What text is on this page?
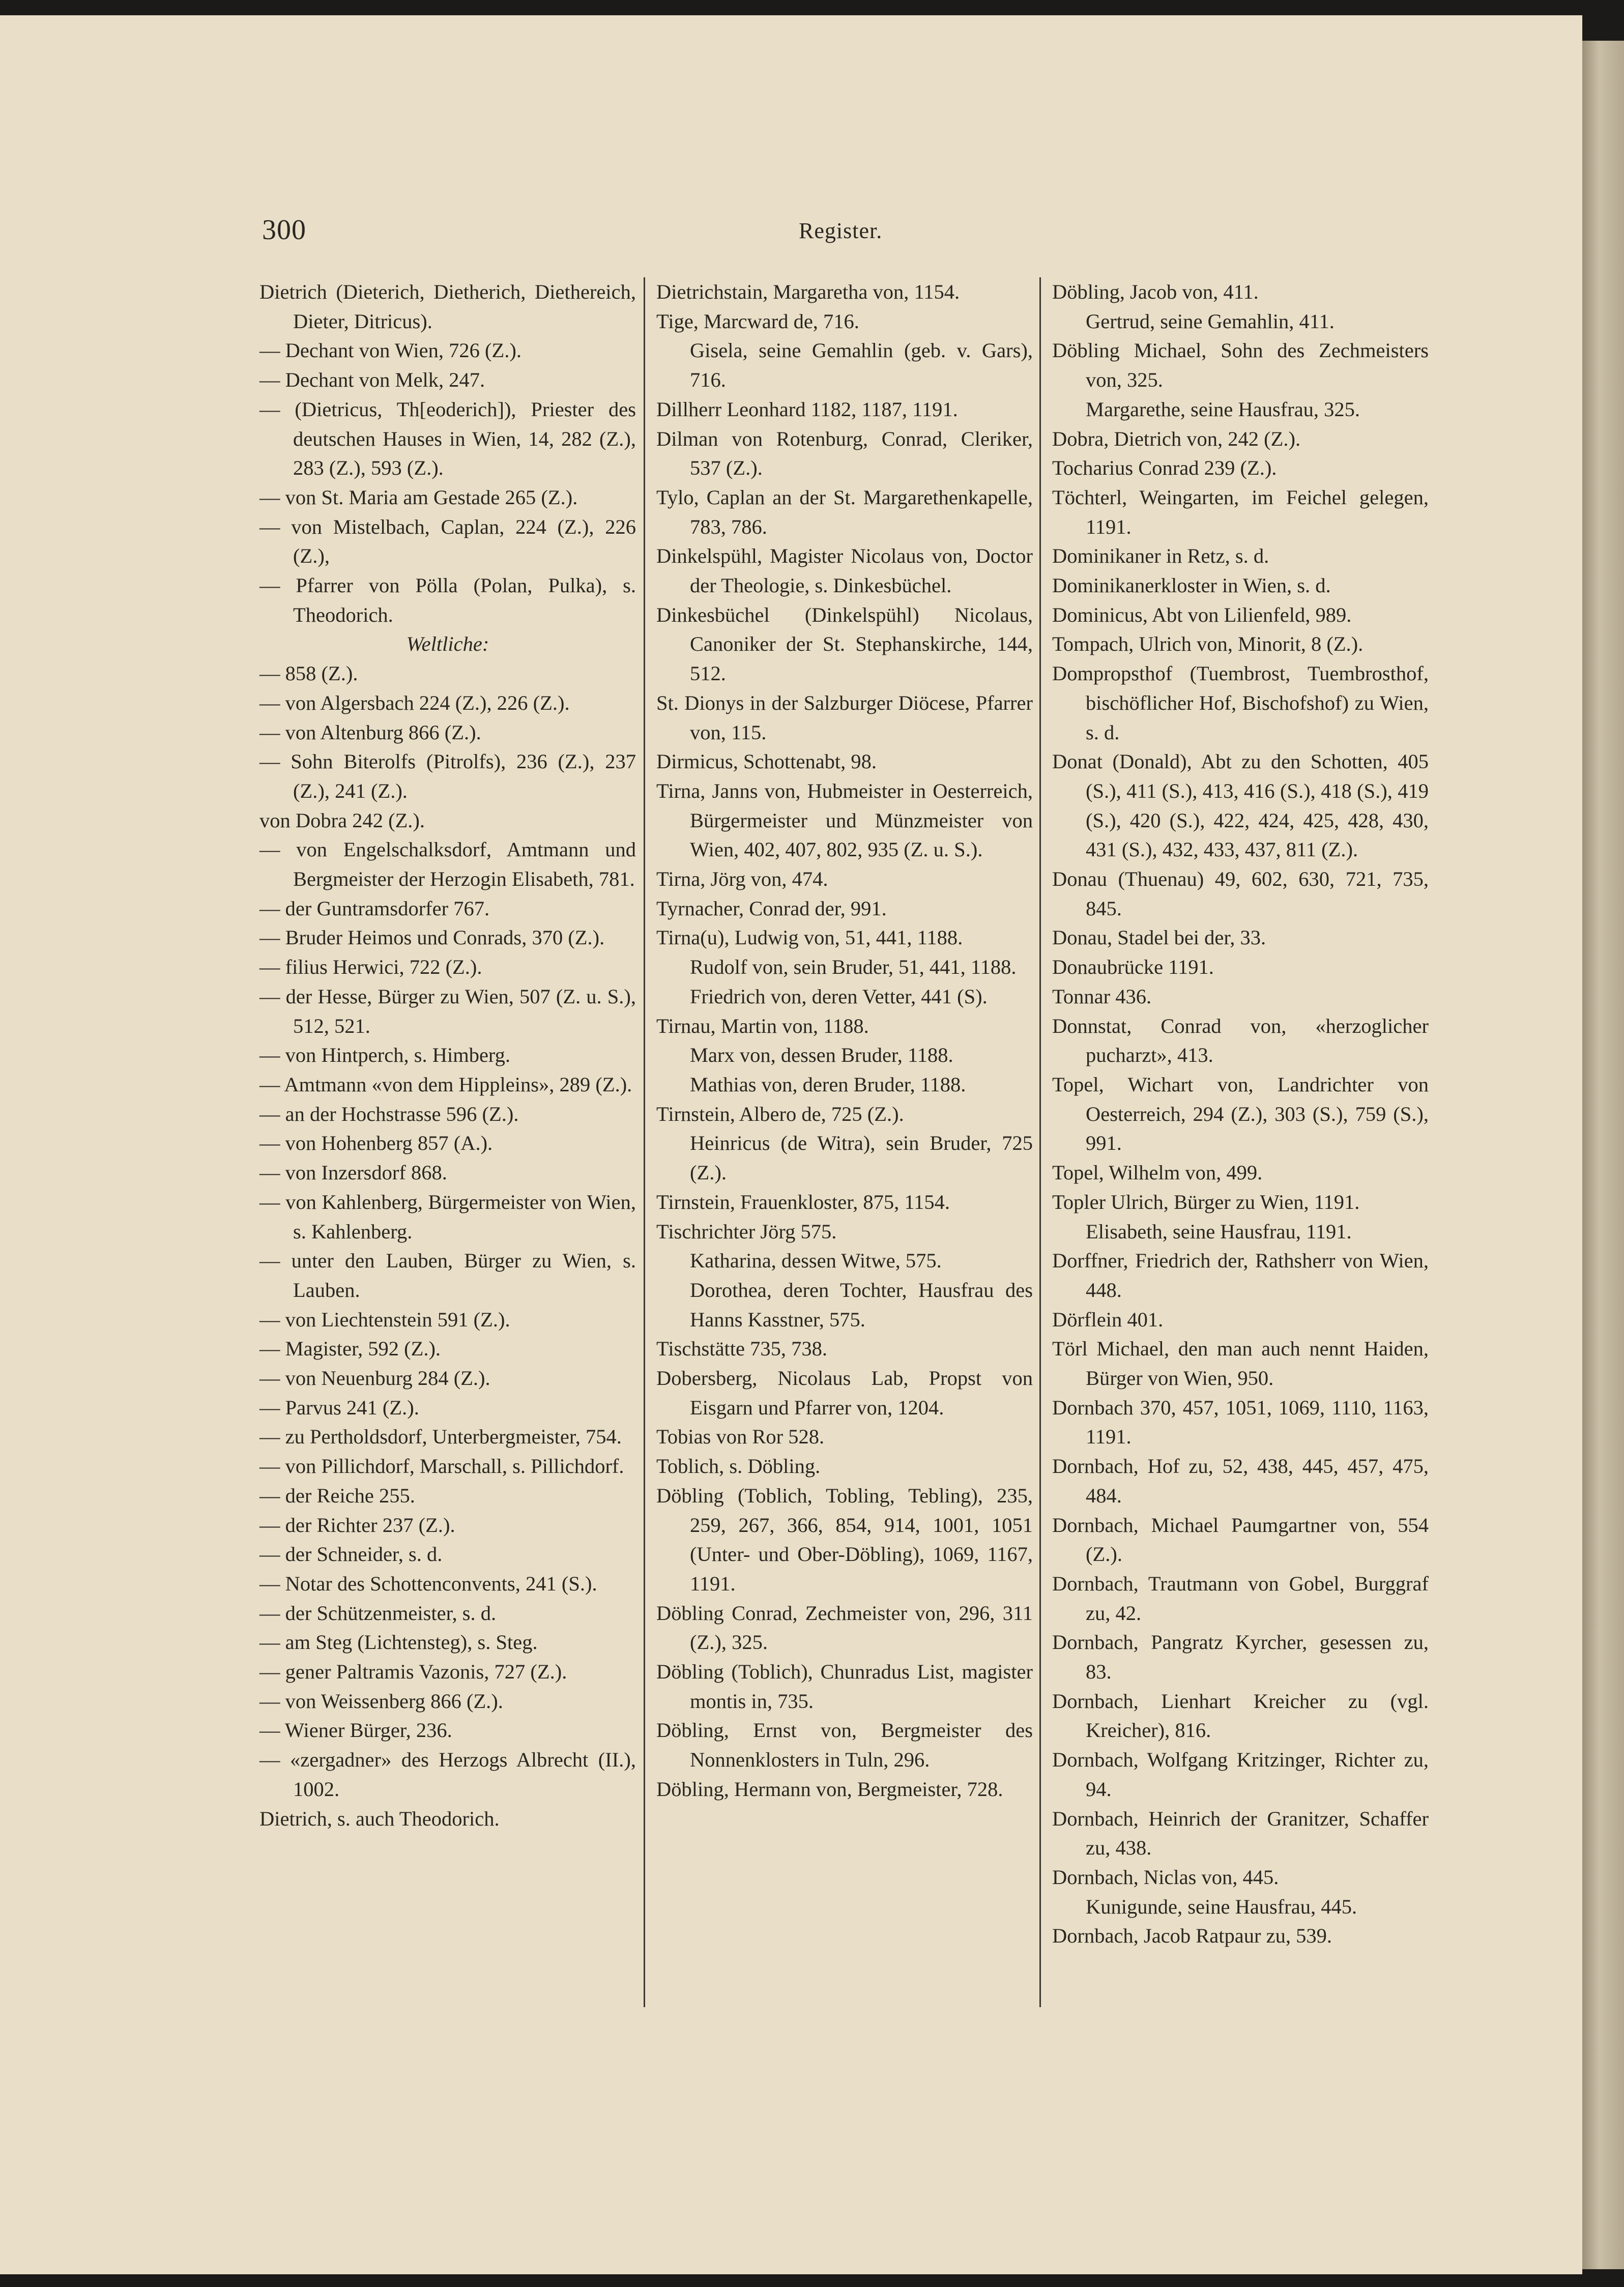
300	Register.
Dietrich (Dieterich, Dietherich, Diethereich, Dieter, Ditricus).
— Dechant von Wien, 726 (Z.).
— Dechant von Melk, 247.
— (Dietricus, Th[eoderich]), Priester des deutschen Hauses in Wien, 14, 282 (Z.), 283 (Z.), 593 (Z.).
— von St. Maria am Gestade 265 (Z.).
— von Mistelbach, Caplan, 224 (Z.), 226 (Z.),
— Pfarrer von Pölla (Polan, Pulka), s. Theodorich.
Weltliche:
— 858 (Z.).
— von Algersbach 224 (Z.), 226 (Z.).
— von Altenburg 866 (Z.).
— Sohn Biterolfs (Pitrolfs), 236 (Z.), 237 (Z.), 241 (Z.).
von Dobra 242 (Z.).
— von Engelschalksdorf, Amtmann und Bergmeister der Herzogin Elisabeth, 781.
— der Guntramsdorfer 767.
— Bruder Heimos und Conrads, 370 (Z.).
— filius Herwici, 722 (Z.).
— der Hesse, Bürger zu Wien, 507 (Z. u. S.), 512, 521.
— von Hintperch, s. Himberg.
— Amtmann «von dem Hippleins», 289 (Z.).
— an der Hochstrasse 596 (Z.).
— von Hohenberg 857 (A.).
— von Inzersdorf 868.
— von Kahlenberg, Bürgermeister von Wien, s. Kahlenberg.
— unter den Lauben, Bürger zu Wien, s. Lauben.
— von Liechtenstein 591 (Z.).
— Magister, 592 (Z.).
— von Neuenburg 284 (Z.).
— Parvus 241 (Z.).
— zu Pertholdsdorf, Unterbergmeister, 754.
— von Pillichdorf, Marschall, s. Pillichdorf.
— der Reiche 255.
— der Richter 237 (Z.).
— der Schneider, s. d.
— Notar des Schottenconvents, 241 (S.).
— der Schützenmeister, s. d.
— am Steg (Lichtensteg), s. Steg.
— gener Paltramis Vazonis, 727 (Z.).
— von Weissenberg 866 (Z.).
— Wiener Bürger, 236.
— «zergadner» des Herzogs Albrecht (II.), 1002.
Dietrich, s. auch Theodorich.
Dietrichstain, Margaretha von, 1154.
Tige, Marcward de, 716.
Gisela, seine Gemahlin (geb. v. Gars), 716.
Dillherr Leonhard 1182, 1187, 1191.
Dilman von Rotenburg, Conrad, Cleriker, 537 (Z.).
Tylo, Caplan an der St. Margarethenkapelle, 783, 786.
Dinkelspühl, Magister Nicolaus von, Doctor der Theologie, s. Dinkesbüchel.
Dinkesbüchel (Dinkelspühl) Nicolaus, Canoniker der St. Stephanskirche, 144, 512.
St. Dionys in der Salzburger Diöcese, Pfarrer von, 115.
Dirmicus, Schottenabt, 98.
Tirna, Janns von, Hubmeister in Oesterreich, Bürgermeister und Münzmeister von Wien, 402, 407, 802, 935 (Z. u. S.).
Tirna, Jörg von, 474.
Tyrnacher, Conrad der, 991.
Tirna(u), Ludwig von, 51, 441, 1188.
Rudolf von, sein Bruder, 51, 441, 1188.
Friedrich von, deren Vetter, 441 (S).
Tirnau, Martin von, 1188.
Marx von, dessen Bruder, 1188.
Mathias von, deren Bruder, 1188.
Tirnstein, Albero de, 725 (Z.).
Heinricus (de Witra), sein Bruder, 725 (Z.).
Tirnstein, Frauenkloster, 875, 1154.
Tischrichter Jörg 575.
Katharina, dessen Witwe, 575.
Dorothea, deren Tochter, Hausfrau des Hanns Kasstner, 575.
Tischstätte 735, 738.
Dobersberg, Nicolaus Lab, Propst von Eisgarn und Pfarrer von, 1204.
Tobias von Ror 528.
Toblich, s. Döbling.
Döbling (Toblich, Tobling, Tebling), 235, 259, 267, 366, 854, 914, 1001, 1051 (Unter- und Ober-Döbling), 1069, 1167, 1191.
Döbling Conrad, Zechmeister von, 296, 311 (Z.), 325.
Döbling (Toblich), Chunradus List, magister montis in, 735.
Döbling, Ernst von, Bergmeister des Nonnenklosters in Tuln, 296.
Döbling, Hermann von, Bergmeister, 728.
Döbling, Jacob von, 411.
Gertrud, seine Gemahlin, 411.
Döbling Michael, Sohn des Zechmeisters von, 325.
Margarethe, seine Hausfrau, 325.
Dobra, Dietrich von, 242 (Z.).
Tocharius Conrad 239 (Z.).
Töchterl, Weingarten, im Feichel gelegen, 1191.
Dominikaner in Retz, s. d.
Dominikanerkloster in Wien, s. d.
Dominicus, Abt von Lilienfeld, 989.
Tompach, Ulrich von, Minorit, 8 (Z.).
Dompropsthof (Tuembrost, Tuembrosthof, bischöflicher Hof, Bischofshof) zu Wien, s. d.
Donat (Donald), Abt zu den Schotten, 405 (S.), 411 (S.), 413, 416 (S.), 418 (S.), 419 (S.), 420 (S.), 422, 424, 425, 428, 430, 431 (S.), 432, 433, 437, 811 (Z.).
Donau (Thuenau) 49, 602, 630, 721, 735, 845.
Donau, Stadel bei der, 33.
Donaubrücke 1191.
Tonnar 436.
Donnstat, Conrad von, «herzoglicher pucharzt», 413.
Topel, Wichart von, Landrichter von Oesterreich, 294 (Z.), 303 (S.), 759 (S.), 991.
Topel, Wilhelm von, 499.
Topler Ulrich, Bürger zu Wien, 1191.
Elisabeth, seine Hausfrau, 1191.
Dorffner, Friedrich der, Rathsherr von Wien, 448.
Dörflein 401.
Törl Michael, den man auch nennt Haiden, Bürger von Wien, 950.
Dornbach 370, 457, 1051, 1069, 1110, 1163, 1191.
Dornbach, Hof zu, 52, 438, 445, 457, 475, 484.
Dornbach, Michael Paumgartner von, 554 (Z.).
Dornbach, Trautmann von Gobel, Burggraf zu, 42.
Dornbach, Pangratz Kyrcher, gesessen zu, 83.
Dornbach, Lienhart Kreicher zu (vgl. Kreicher), 816.
Dornbach, Wolfgang Kritzinger, Richter zu, 94.
Dornbach, Heinrich der Granitzer, Schaffer zu, 438.
Dornbach, Niclas von, 445.
Kunigunde, seine Hausfrau, 445.
Dornbach, Jacob Ratpaur zu, 539.
